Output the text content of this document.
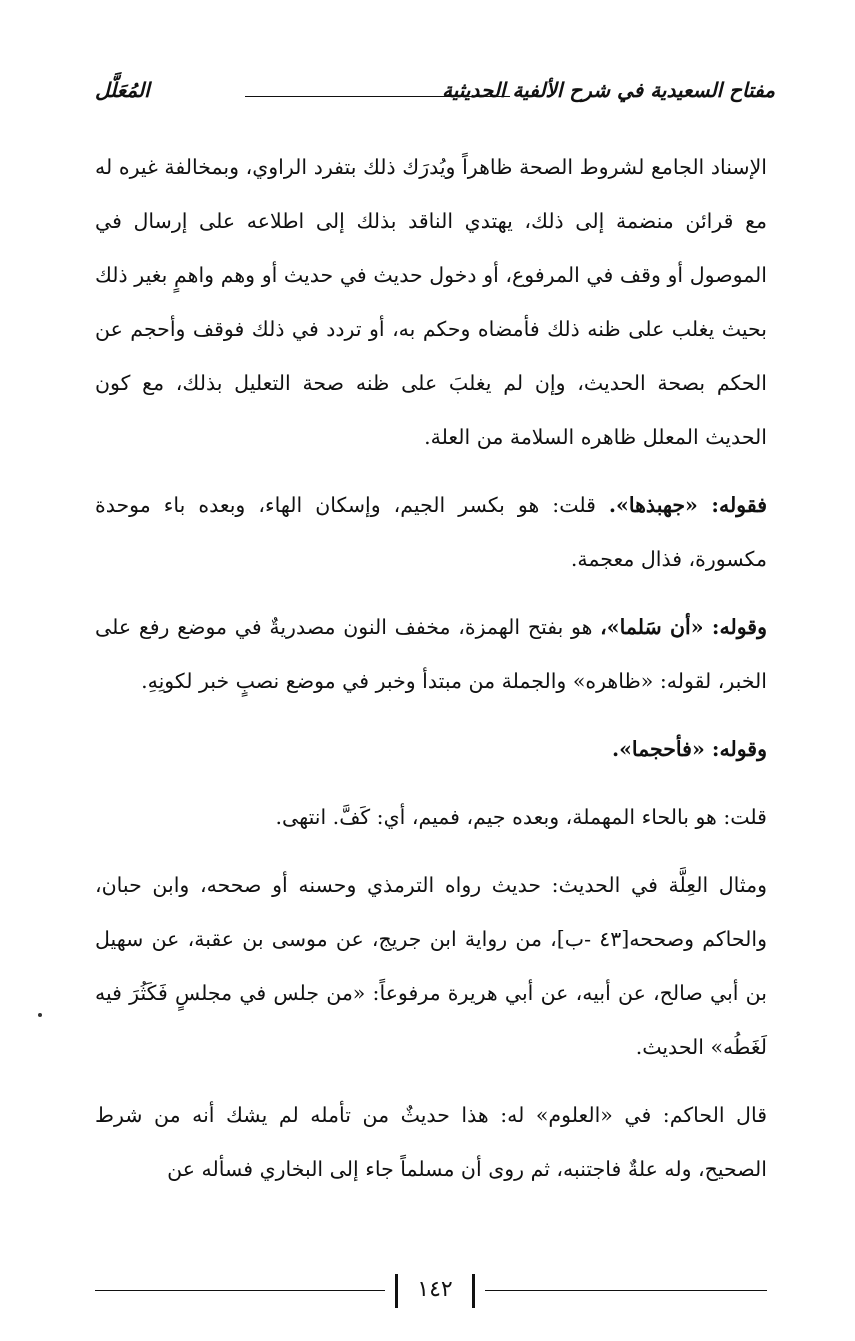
مفتاح السعيدية في شرح الألفية الحديثية
المُعَلَّل

الإسناد الجامع لشروط الصحة ظاهراً ويُدرَك ذلك بتفرد الراوي، وبمخالفة غيره له مع قرائن منضمة إلى ذلك، يهتدي الناقد بذلك إلى اطلاعه على إرسال في الموصول أو وقف في المرفوع، أو دخول حديث في حديث أو وهم واهمٍ بغير ذلك بحيث يغلب على ظنه ذلك فأمضاه وحكم به، أو تردد في ذلك فوقف وأحجم عن الحكم بصحة الحديث، وإن لم يغلبَ على ظنه صحة التعليل بذلك، مع كون الحديث المعلل ظاهره السلامة من العلة.

فقوله: «جهبذها». قلت: هو بكسر الجيم، وإسكان الهاء، وبعده باء موحدة مكسورة، فذال معجمة.

وقوله: «أن سَلما»، هو بفتح الهمزة، مخفف النون مصدريةٌ في موضع رفع على الخبر، لقوله: «ظاهره» والجملة من مبتدأ وخبر في موضع نصبٍ خبر لكونِهِ.

وقوله: «فأحجما».

قلت: هو بالحاء المهملة، وبعده جيم، فميم، أي: كَفَّ. انتهى.

ومثال العِلَّة في الحديث: حديث رواه الترمذي وحسنه أو صححه، وابن حبان، والحاكم وصححه[٤٣ -ب]، من رواية ابن جريج، عن موسى بن عقبة، عن سهيل بن أبي صالح، عن أبيه، عن أبي هريرة مرفوعاً: «من جلس في مجلسٍ فَكَثُرَ فيه لَغَطُه» الحديث.

قال الحاكم: في «العلوم» له: هذا حديثٌ من تأمله لم يشك أنه من شرط الصحيح، وله علةٌ فاجتنبه، ثم روى أن مسلماً جاء إلى البخاري فسأله عن

١٤٢
